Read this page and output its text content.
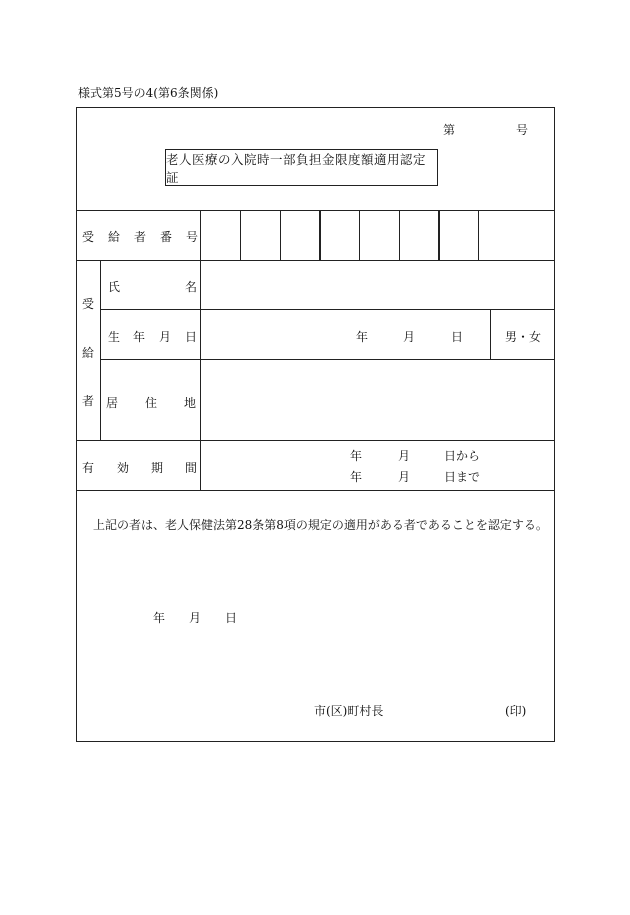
様式第5号の4(第6条関係)
第	号
老人医療の入院時一部負担金限度額適用認定証
受給者番号
受
給
者
氏	名
生 年 月 日	年	月	日	男・女
居 住 地
有 効 期 間
年	月	日から
年	月	日まで
上記の者は、老人保健法第28条第8項の規定の適用がある者であることを認定する。
年 月 日
市(区)町村長	(印)
